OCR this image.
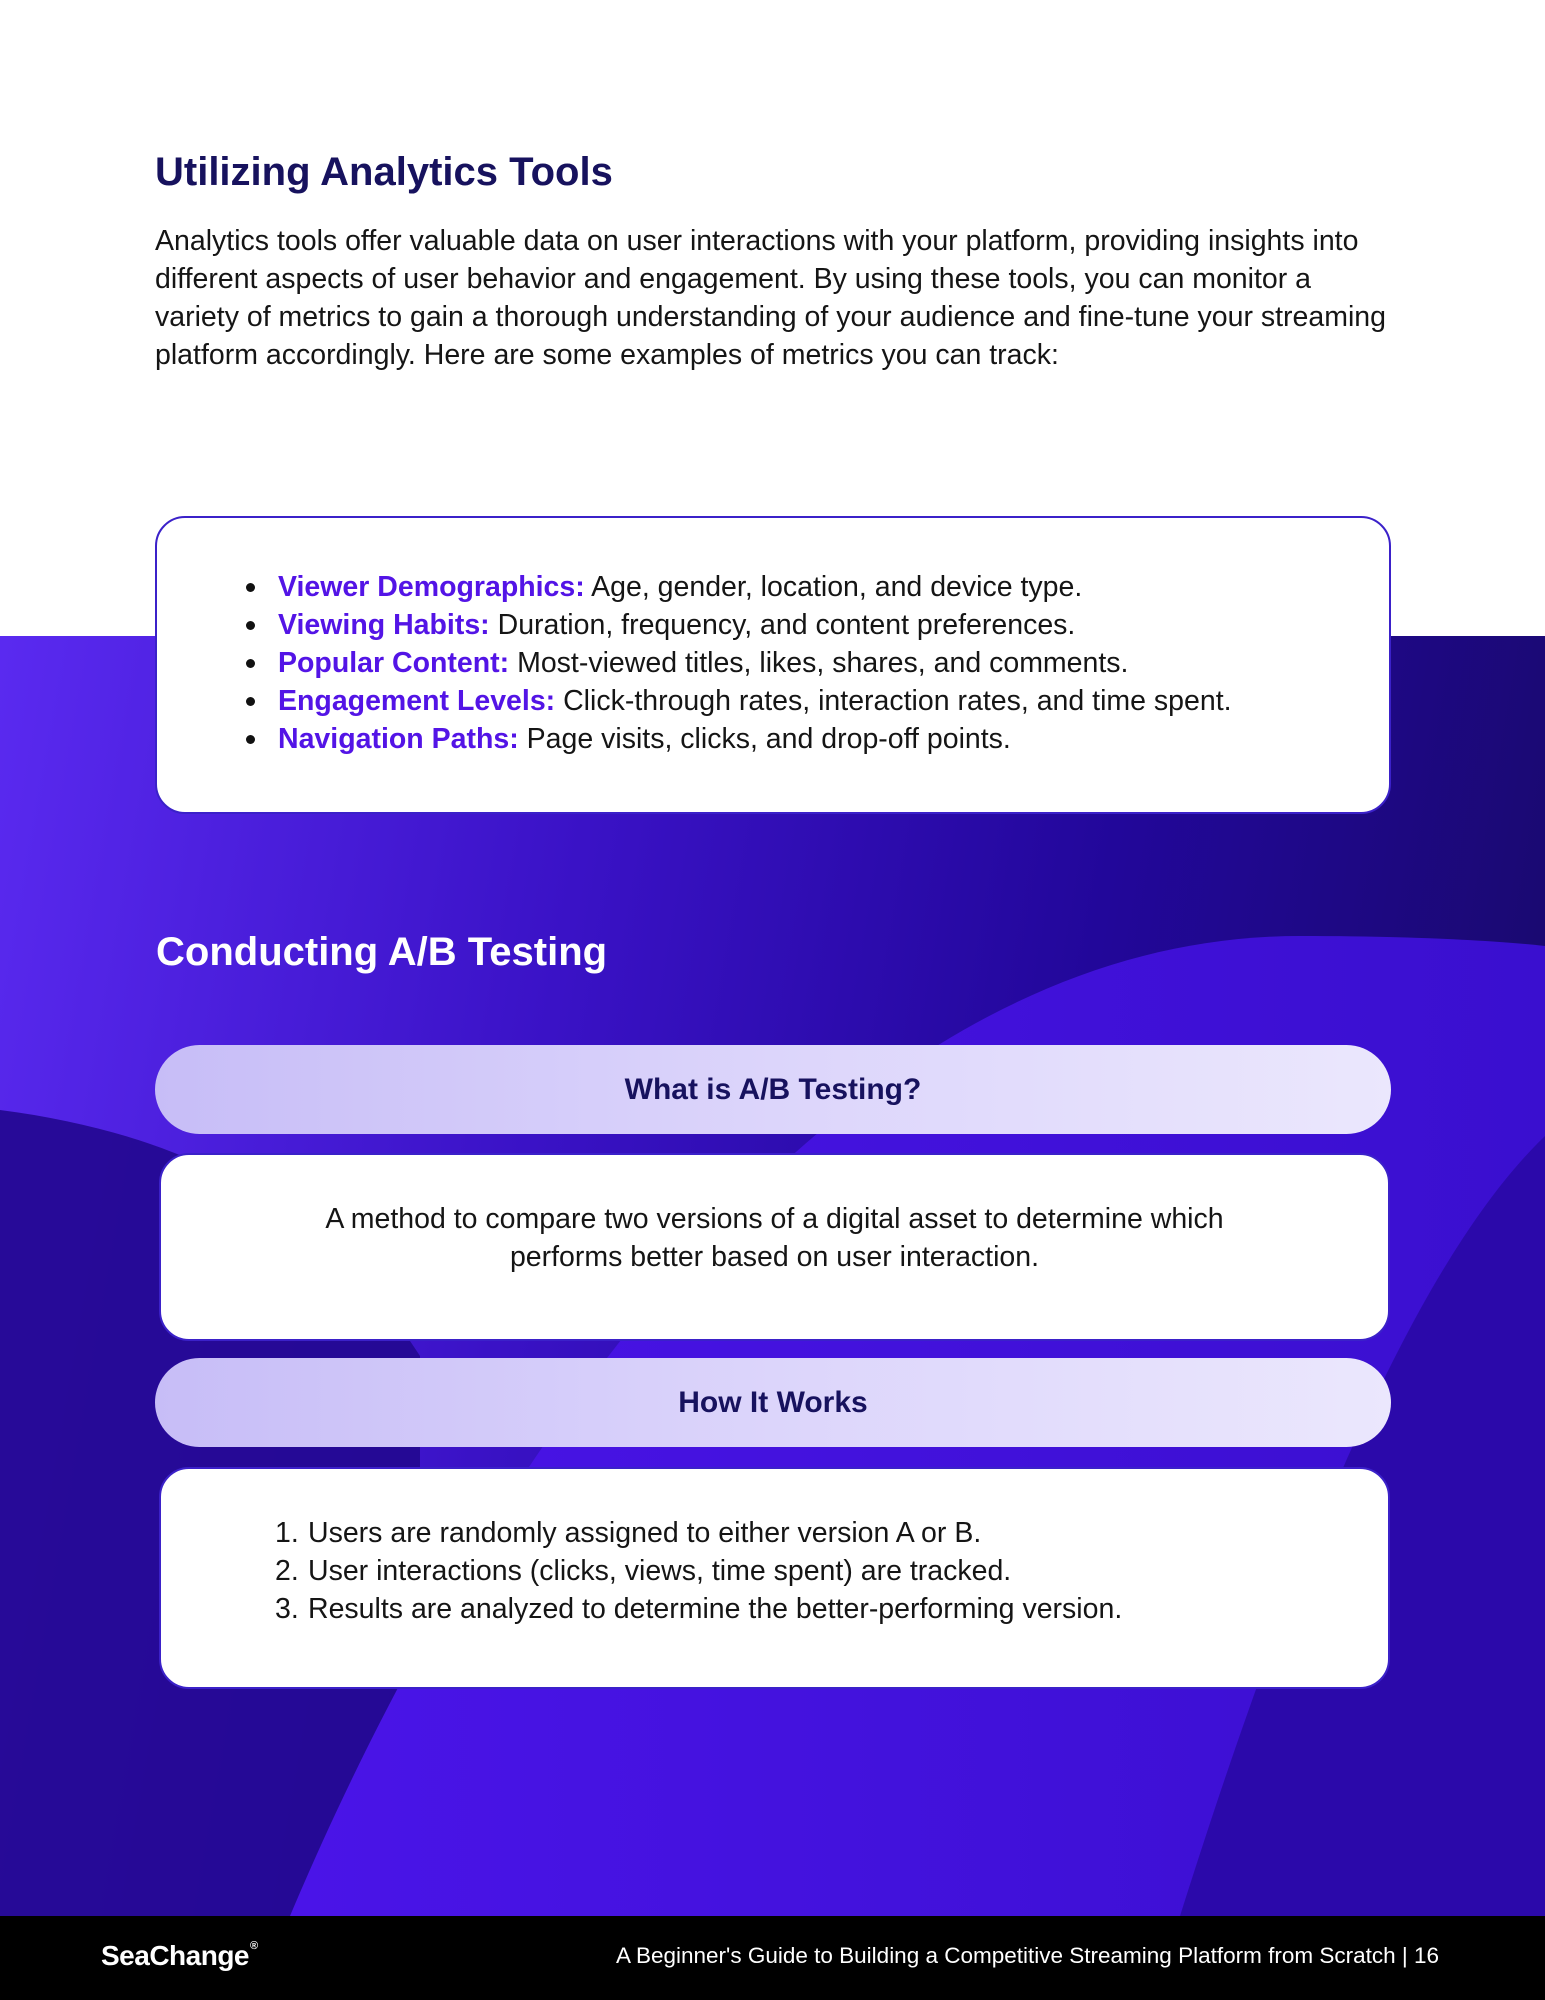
Utilizing Analytics Tools

Analytics tools offer valuable data on user interactions with your platform, providing insights into different aspects of user behavior and engagement. By using these tools, you can monitor a variety of metrics to gain a thorough understanding of your audience and fine-tune your streaming platform accordingly. Here are some examples of metrics you can track:

Viewer Demographics: Age, gender, location, and device type.
Viewing Habits: Duration, frequency, and content preferences.
Popular Content: Most-viewed titles, likes, shares, and comments.
Engagement Levels: Click-through rates, interaction rates, and time spent.
Navigation Paths: Page visits, clicks, and drop-off points.
Conducting A/B Testing
What is A/B Testing?
A method to compare two versions of a digital asset to determine which performs better based on user interaction.
How It Works
1. Users are randomly assigned to either version A or B.
2. User interactions (clicks, views, time spent) are tracked.
3. Results are analyzed to determine the better-performing version.
SeaChange®	A Beginner's Guide to Building a Competitive Streaming Platform from Scratch | 16
